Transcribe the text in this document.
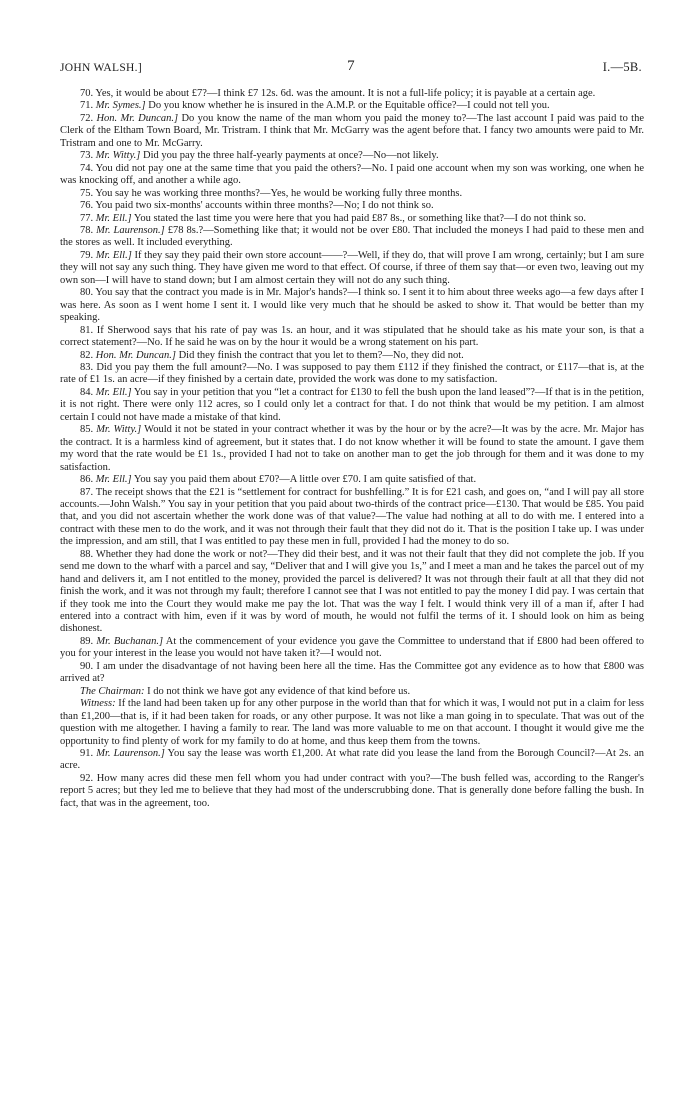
JOHN WALSH.]	7	I.—5B.

70. Yes, it would be about £7?—I think £7 12s. 6d. was the amount. It is not a full-life policy; it is payable at a certain age.

71. Mr. Symes.] Do you know whether he is insured in the A.M.P. or the Equitable office?—I could not tell you.

72. Hon. Mr. Duncan.] Do you know the name of the man whom you paid the money to?—The last account I paid was paid to the Clerk of the Eltham Town Board, Mr. Tristram. I think that Mr. McGarry was the agent before that. I fancy two amounts were paid to Mr. Tristram and one to Mr. McGarry.

73. Mr. Witty.] Did you pay the three half-yearly payments at once?—No—not likely.

74. You did not pay one at the same time that you paid the others?—No. I paid one account when my son was working, one when he was knocking off, and another a while ago.

75. You say he was working three months?—Yes, he would be working fully three months.

76. You paid two six-months' accounts within three months?—No; I do not think so.

77. Mr. Ell.] You stated the last time you were here that you had paid £87 8s., or something like that?—I do not think so.

78. Mr. Laurenson.] £78 8s.?—Something like that; it would not be over £80. That included the moneys I had paid to these men and the stores as well. It included everything.

79. Mr. Ell.] If they say they paid their own store account——?—Well, if they do, that will prove I am wrong, certainly; but I am sure they will not say any such thing. They have given me word to that effect. Of course, if three of them say that—or even two, leaving out my own son—I will have to stand down; but I am almost certain they will not do any such thing.

80. You say that the contract you made is in Mr. Major's hands?—I think so. I sent it to him about three weeks ago—a few days after I was here. As soon as I went home I sent it. I would like very much that he should be asked to show it. That would be better than my speaking.

81. If Sherwood says that his rate of pay was 1s. an hour, and it was stipulated that he should take as his mate your son, is that a correct statement?—No. If he said he was on by the hour it would be a wrong statement on his part.

82. Hon. Mr. Duncan.] Did they finish the contract that you let to them?—No, they did not.

83. Did you pay them the full amount?—No. I was supposed to pay them £112 if they finished the contract, or £117—that is, at the rate of £1 1s. an acre—if they finished by a certain date, provided the work was done to my satisfaction.

84. Mr. Ell.] You say in your petition that you “let a contract for £130 to fell the bush upon the land leased”?—If that is in the petition, it is not right. There were only 112 acres, so I could only let a contract for that. I do not think that would be my petition. I am almost certain I could not have made a mistake of that kind.

85. Mr. Witty.] Would it not be stated in your contract whether it was by the hour or by the acre?—It was by the acre. Mr. Major has the contract. It is a harmless kind of agreement, but it states that. I do not know whether it will be found to state the amount. I gave them my word that the rate would be £1 1s., provided I had not to take on another man to get the job through for them and it was done to my satisfaction.

86. Mr. Ell.] You say you paid them about £70?—A little over £70. I am quite satisfied of that.

87. The receipt shows that the £21 is “settlement for contract for bushfelling.” It is for £21 cash, and goes on, “and I will pay all store accounts.—John Walsh.” You say in your petition that you paid about two-thirds of the contract price—£130. That would be £85. You paid that, and you did not ascertain whether the work done was of that value?—The value had nothing at all to do with me. I entered into a contract with these men to do the work, and it was not through their fault that they did not do it. That is the position I take up. I was under the impression, and am still, that I was entitled to pay these men in full, provided I had the money to do so.

88. Whether they had done the work or not?—They did their best, and it was not their fault that they did not complete the job. If you send me down to the wharf with a parcel and say, “Deliver that and I will give you 1s,” and I meet a man and he takes the parcel out of my hand and delivers it, am I not entitled to the money, provided the parcel is delivered? It was not through their fault at all that they did not finish the work, and it was not through my fault; therefore I cannot see that I was not entitled to pay the money I did pay. I was certain that if they took me into the Court they would make me pay the lot. That was the way I felt. I would think very ill of a man if, after I had entered into a contract with him, even if it was by word of mouth, he would not fulfil the terms of it. I should look on him as being dishonest.

89. Mr. Buchanan.] At the commencement of your evidence you gave the Committee to understand that if £800 had been offered to you for your interest in the lease you would not have taken it?—I would not.

90. I am under the disadvantage of not having been here all the time. Has the Committee got any evidence as to how that £800 was arrived at?

The Chairman: I do not think we have got any evidence of that kind before us.

Witness: If the land had been taken up for any other purpose in the world than that for which it was, I would not put in a claim for less than £1,200—that is, if it had been taken for roads, or any other purpose. It was not like a man going in to speculate. That was out of the question with me altogether. I having a family to rear. The land was more valuable to me on that account. I thought it would give me the opportunity to find plenty of work for my family to do at home, and thus keep them from the towns.

91. Mr. Laurenson.] You say the lease was worth £1,200. At what rate did you lease the land from the Borough Council?—At 2s. an acre.

92. How many acres did these men fell whom you had under contract with you?—The bush felled was, according to the Ranger's report 5 acres; but they led me to believe that they had most of the underscrubbing done. That is generally done before falling the bush. In fact, that was in the agreement, too.
